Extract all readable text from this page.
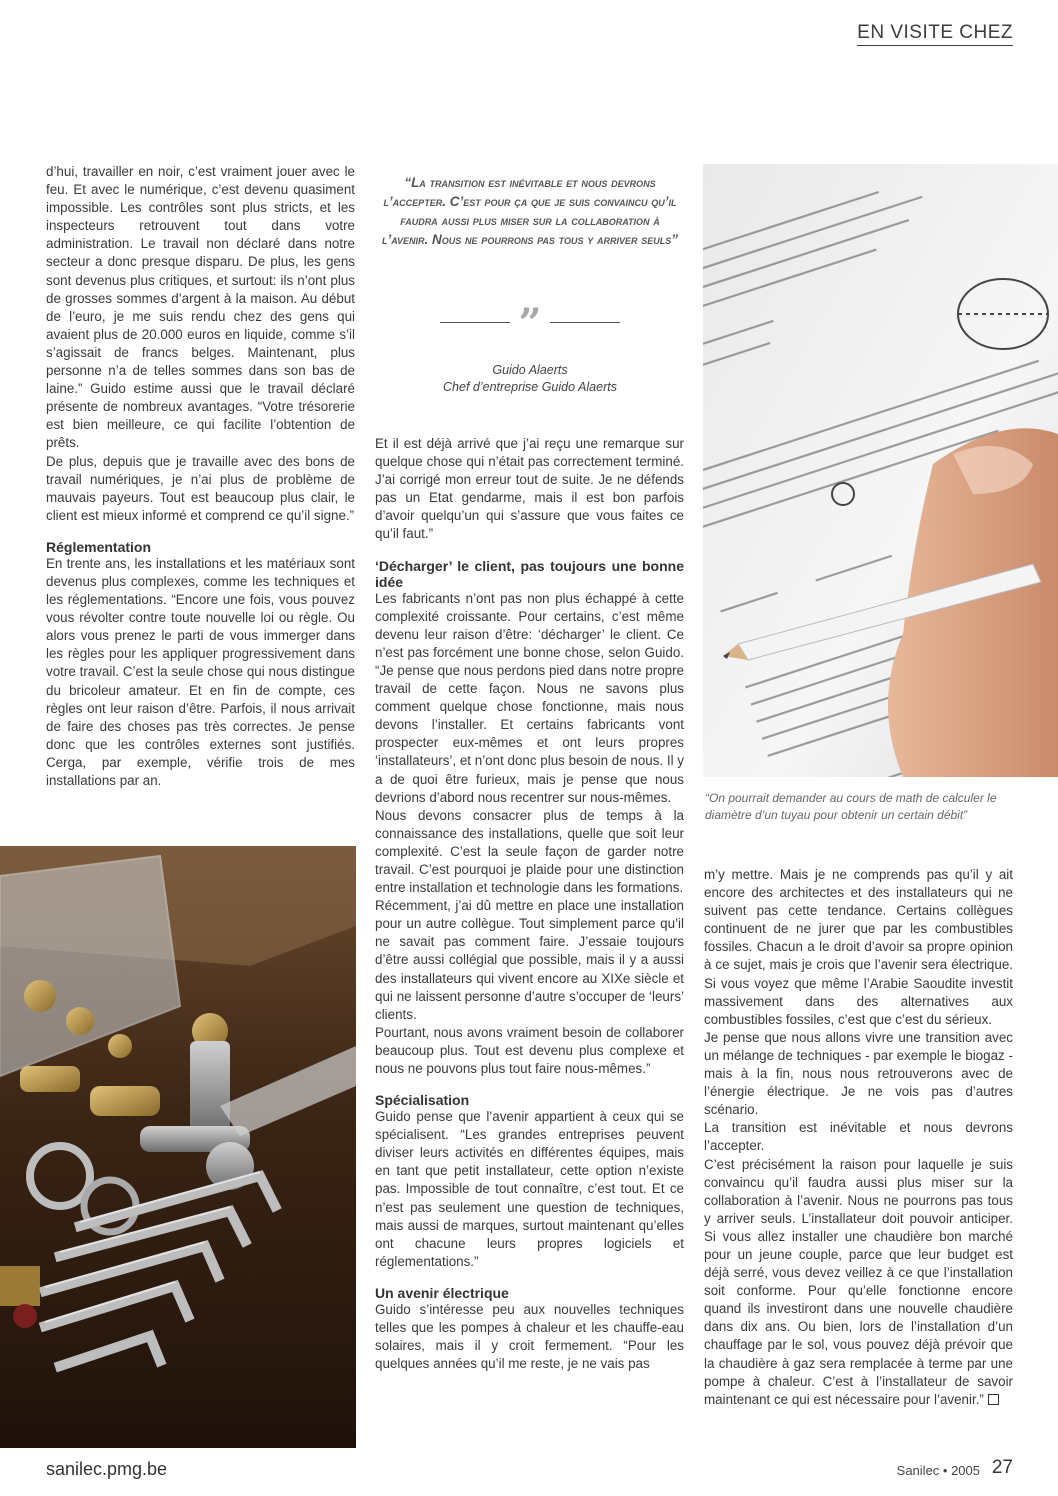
EN VISITE CHEZ

d’hui, travailler en noir, c’est vraiment jouer avec le feu. Et avec le numérique, c’est devenu quasiment impossible. Les contrôles sont plus stricts, et les inspecteurs retrouvent tout dans votre administration. Le travail non déclaré dans notre secteur a donc presque disparu. De plus, les gens sont devenus plus critiques, et surtout: ils n’ont plus de grosses sommes d’argent à la maison. Au début de l’euro, je me suis rendu chez des gens qui avaient plus de 20.000 euros en liquide, comme s’il s’agissait de francs belges. Maintenant, plus personne n’a de telles sommes dans son bas de laine.” Guido estime aussi que le travail déclaré présente de nombreux avantages. “Votre trésorerie est bien meilleure, ce qui facilite l’obtention de prêts.

De plus, depuis que je travaille avec des bons de travail numériques, je n’ai plus de problème de mauvais payeurs. Tout est beaucoup plus clair, le client est mieux informé et comprend ce qu’il signe.”

Réglementation

En trente ans, les installations et les matériaux sont devenus plus complexes, comme les techniques et les réglementations. “Encore une fois, vous pouvez vous révolter contre toute nouvelle loi ou règle. Ou alors vous prenez le parti de vous immerger dans les règles pour les appliquer progressivement dans votre travail. C’est la seule chose qui nous distingue du bricoleur amateur. Et en fin de compte, ces règles ont leur raison d’être. Parfois, il nous arrivait de faire des choses pas très correctes. Je pense donc que les contrôles externes sont justifiés. Cerga, par exemple, vérifie trois de mes installations par an.

“La transition est inévitable et nous devrons l’accepter. C’est pour ça que je suis convaincu qu’il faudra aussi plus miser sur la collaboration à l’avenir. Nous ne pourrons pas tous y arriver seuls”
”
Guido Alaerts
Chef d’entreprise Guido Alaerts

Et il est déjà arrivé que j’ai reçu une remarque sur quelque chose qui n’était pas correctement terminé. J’ai corrigé mon erreur tout de suite. Je ne défends pas un Etat gendarme, mais il est bon parfois d’avoir quelqu’un qui s’assure que vous faites ce qu’il faut.”

‘Décharger’ le client, pas toujours une bonne idée

Les fabricants n’ont pas non plus échappé à cette complexité croissante. Pour certains, c’est même devenu leur raison d’être: ‘décharger’ le client. Ce n’est pas forcément une bonne chose, selon Guido. “Je pense que nous perdons pied dans notre propre travail de cette façon. Nous ne savons plus comment quelque chose fonctionne, mais nous devons l’installer. Et certains fabricants vont prospecter eux-mêmes et ont leurs propres ‘installateurs’, et n’ont donc plus besoin de nous. Il y a de quoi être furieux, mais je pense que nous devrions d’abord nous recentrer sur nous-mêmes.

Nous devons consacrer plus de temps à la connaissance des installations, quelle que soit leur complexité. C’est la seule façon de garder notre travail. C’est pourquoi je plaide pour une distinction entre installation et technologie dans les formations.

Récemment, j’ai dû mettre en place une installation pour un autre collègue. Tout simplement parce qu’il ne savait pas comment faire. J’essaie toujours d’être aussi collégial que possible, mais il y a aussi des installateurs qui vivent encore au XIXe siècle et qui ne laissent personne d’autre s’occuper de ‘leurs’ clients.

Pourtant, nous avons vraiment besoin de collaborer beaucoup plus. Tout est devenu plus complexe et nous ne pouvons plus tout faire nous-mêmes.”

Spécialisation

Guido pense que l’avenir appartient à ceux qui se spécialisent. “Les grandes entreprises peuvent diviser leurs activités en différentes équipes, mais en tant que petit installateur, cette option n’existe pas. Impossible de tout connaître, c’est tout. Et ce n’est pas seulement une question de techniques, mais aussi de marques, surtout maintenant qu’elles ont chacune leurs propres logiciels et réglementations.”

Un avenir électrique

Guido s’intéresse peu aux nouvelles techniques telles que les pompes à chaleur et les chauffe-eau solaires, mais il y croit fermement. “Pour les quelques années qu’il me reste, je ne vais pas

m’y mettre. Mais je ne comprends pas qu’il y ait encore des architectes et des installateurs qui ne suivent pas cette tendance. Certains collègues continuent de ne jurer que par les combustibles fossiles. Chacun a le droit d’avoir sa propre opinion à ce sujet, mais je crois que l’avenir sera électrique. Si vous voyez que même l’Arabie Saoudite investit massivement dans des alternatives aux combustibles fossiles, c’est que c’est du sérieux.

Je pense que nous allons vivre une transition avec un mélange de techniques - par exemple le biogaz - mais à la fin, nous nous retrouverons avec de l’énergie électrique. Je ne vois pas d’autres scénario.

La transition est inévitable et nous devrons l’accepter.

C’est précisément la raison pour laquelle je suis convaincu qu’il faudra aussi plus miser sur la collaboration à l’avenir. Nous ne pourrons pas tous y arriver seuls. L’installateur doit pouvoir anticiper. Si vous allez installer une chaudière bon marché pour un jeune couple, parce que leur budget est déjà serré, vous devez veillez à ce que l’installation soit conforme. Pour qu’elle fonctionne encore quand ils investiront dans une nouvelle chaudière dans dix ans. Ou bien, lors de l’installation d’un chauffage par le sol, vous pouvez déjà prévoir que la chaudière à gaz sera remplacée à terme par une pompe à chaleur. C’est à l’installateur de savoir maintenant ce qui est nécessaire pour l’avenir.”

“On pourrait demander au cours de math de calculer le diamètre d’un tuyau pour obtenir un certain débit”
sanilec.pmg.be	Sanilec • 2005 27
